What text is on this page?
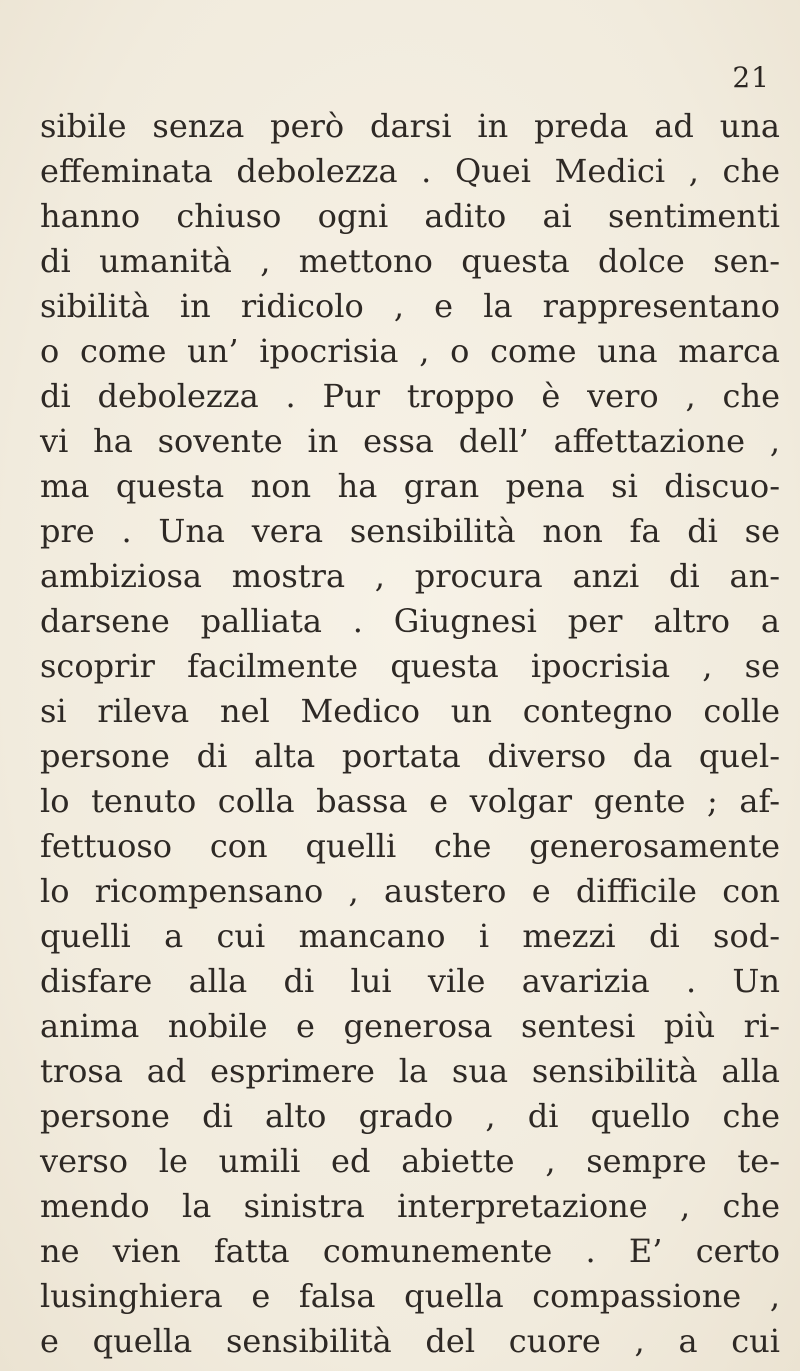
21

sibile senza però darsi in preda ad una
effeminata debolezza . Quei Medici , che
hanno chiuso ogni adito ai sentimenti
di umanità , mettono questa dolce sen-
sibilità in ridicolo , e la rappresentano
o come un’ ipocrisia , o come una marca
di debolezza . Pur troppo è vero , che
vi ha sovente in essa dell’ affettazione ,
ma questa non ha gran pena si discuo-
pre . Una vera sensibilità non fa di se
ambiziosa mostra , procura anzi di an-
darsene palliata . Giugnesi per altro a
scoprir facilmente questa ipocrisia , se
si rileva nel Medico un contegno colle
persone di alta portata diverso da quel-
lo tenuto colla bassa e volgar gente ; af-
fettuoso con quelli che generosamente
lo ricompensano , austero e difficile con
quelli a cui mancano i mezzi di sod-
disfare alla di lui vile avarizia . Un
anima nobile e generosa sentesi più ri-
trosa ad esprimere la sua sensibilità alla
persone di alto grado , di quello che
verso le umili ed abiette , sempre te-
mendo la sinistra interpretazione , che
ne vien fatta comunemente . E’ certo
lusinghiera e falsa quella compassione ,
e quella sensibilità del cuore , a cui
